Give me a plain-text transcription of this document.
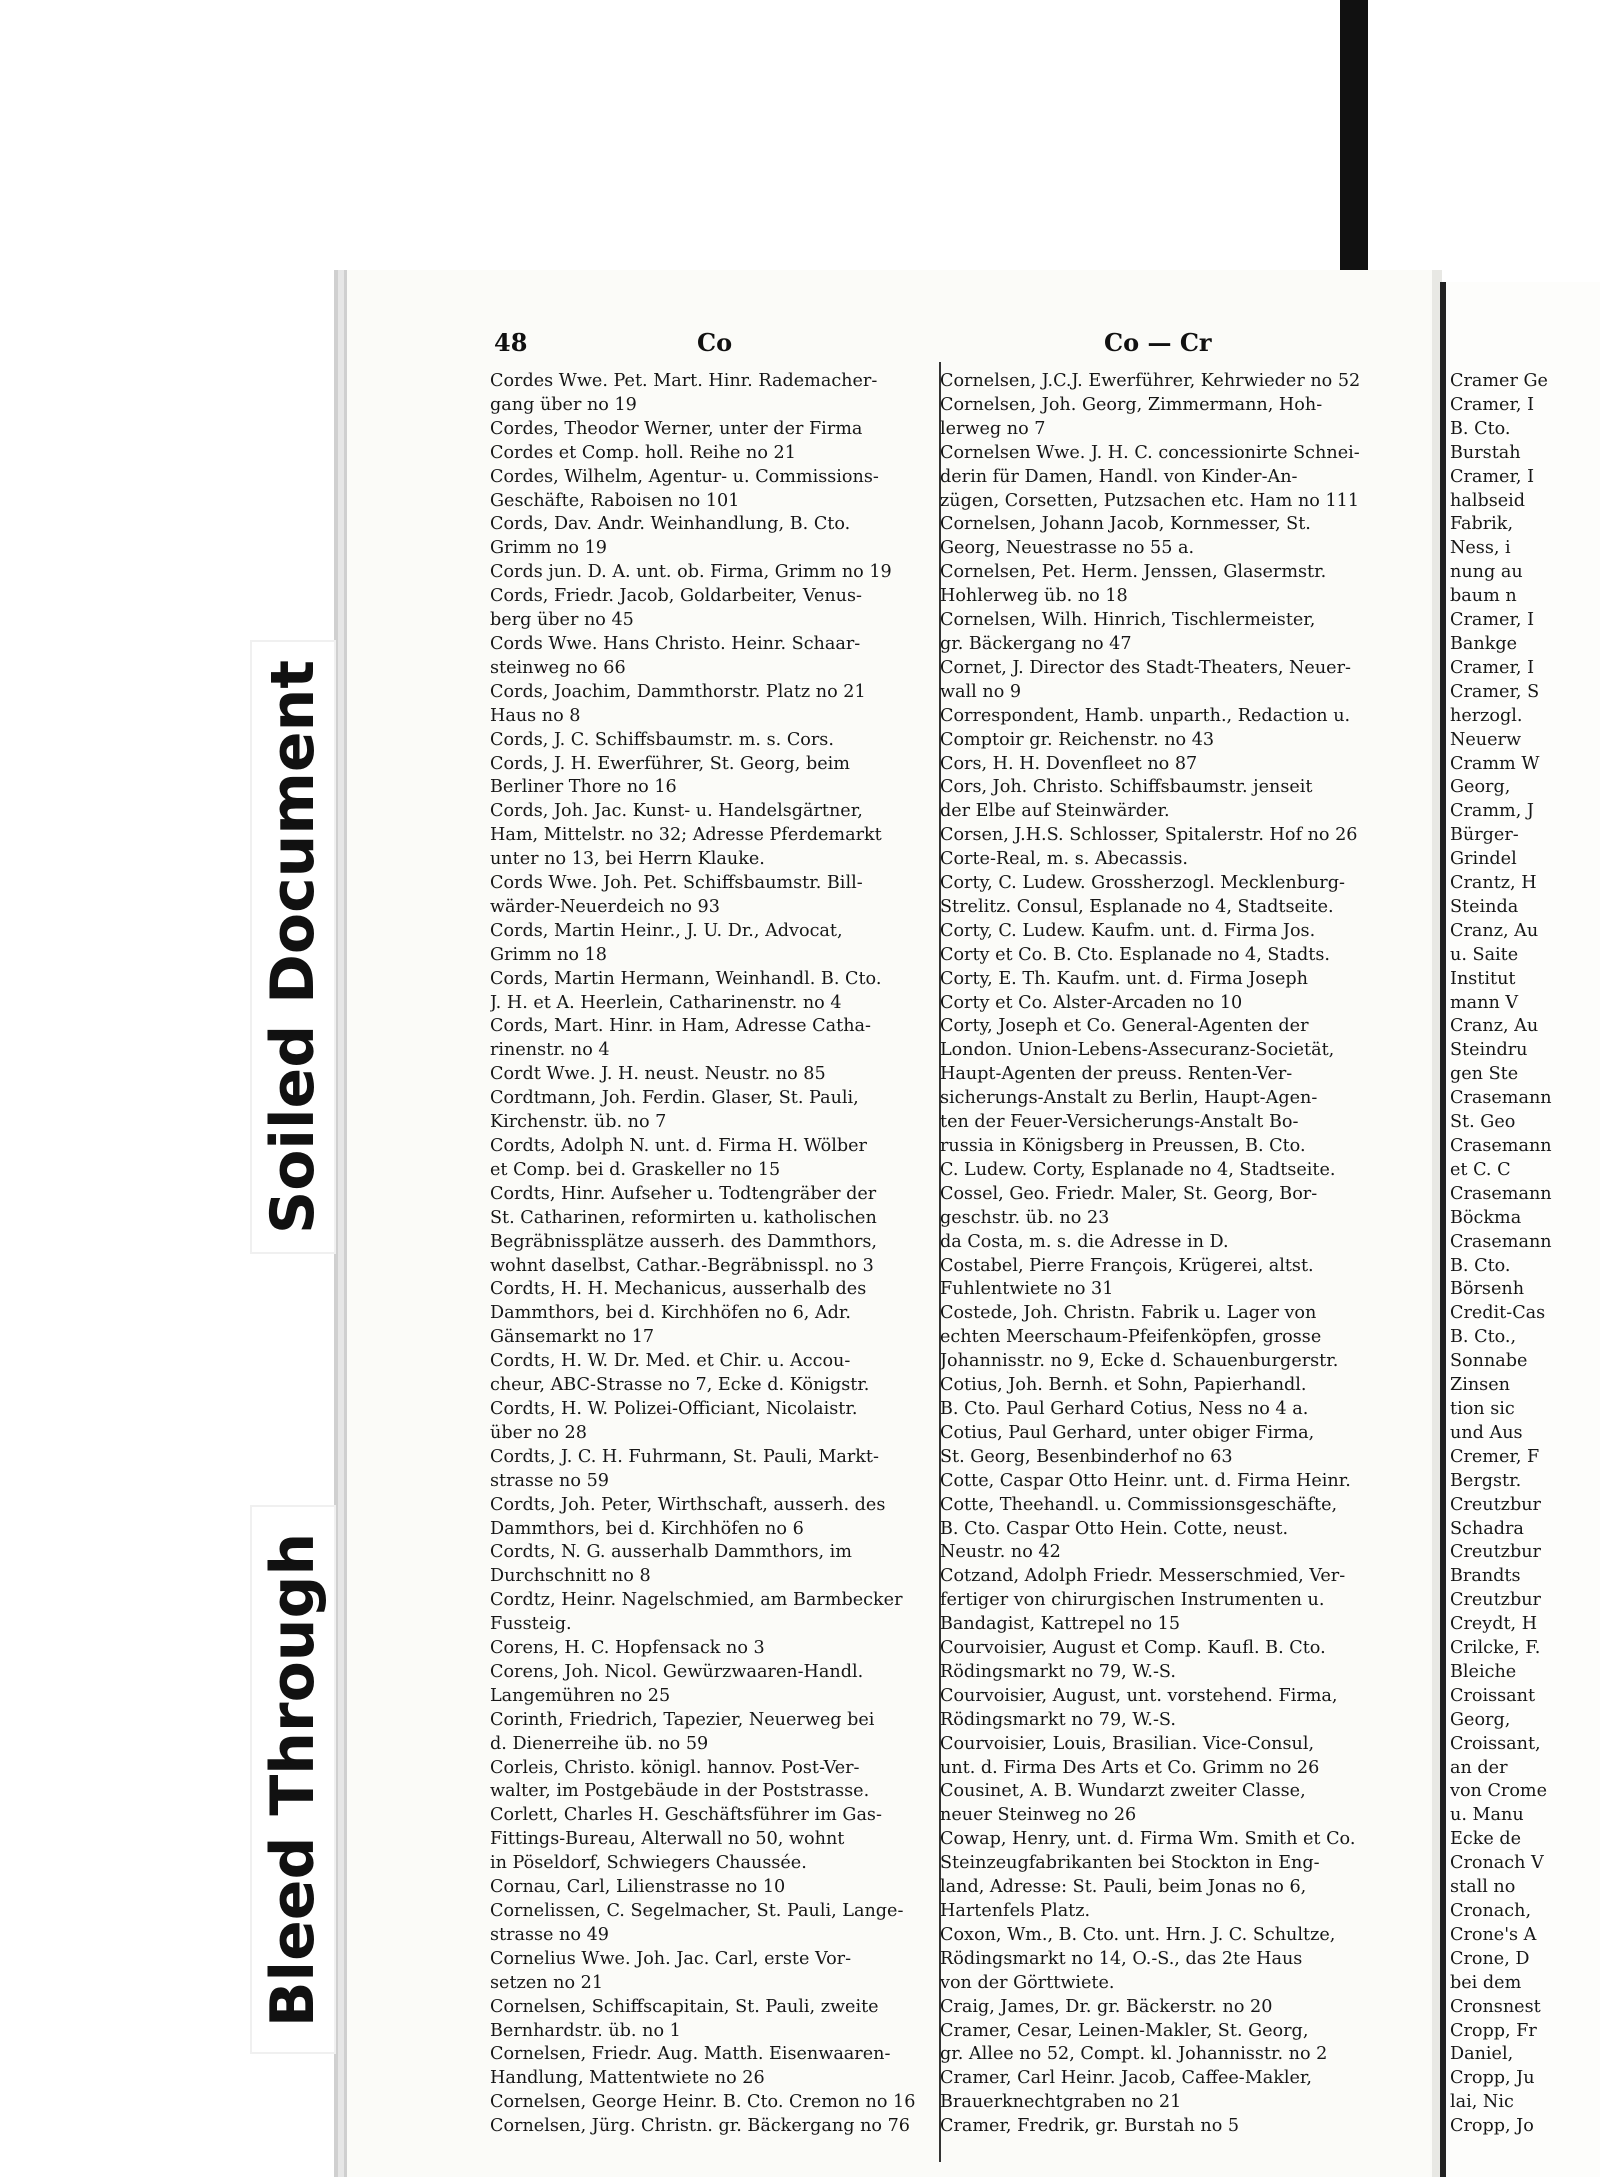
Cramer Ge
Cramer, I
B. Cto.
Burstah
Cramer, I
halbseid
Fabrik,
Ness, i
nung au
baum n
Cramer, I
Bankge
Cramer, I
Cramer, S
herzogl.
Neuerw
Cramm W
Georg,
Cramm, J
Bürger-
Grindel
Crantz, H
Steinda
Cranz, Au
u. Saite
Institut
mann V
Cranz, Au
Steindru
gen Ste
Crasemann
St. Geo
Crasemann
et C. C
Crasemann
Böckma
Crasemann
B. Cto.
Börsenh
Credit-Cas
B. Cto.,
Sonnabe
Zinsen
tion sic
und Aus
Cremer, F
Bergstr.
Creutzbur
Schadra
Creutzbur
Brandts
Creutzbur
Creydt, H
Crilcke, F.
Bleiche
Croissant
Georg,
Croissant,
an der
von Crome
u. Manu
Ecke de
Cronach V
stall no
Cronach,
Crone's A
Crone, D
bei dem
Cronsnest
Cropp, Fr
Daniel,
Cropp, Ju
lai, Nic
Cropp, Jo
48	Co	Co — Cr
Cordes Wwe. Pet. Mart. Hinr. Rademacher-
gang über no 19
Cordes, Theodor Werner, unter der Firma
Cordes et Comp. holl. Reihe no 21
Cordes, Wilhelm, Agentur- u. Commissions-
Geschäfte, Raboisen no 101
Cords, Dav. Andr. Weinhandlung, B. Cto.
Grimm no 19
Cords jun. D. A. unt. ob. Firma, Grimm no 19
Cords, Friedr. Jacob, Goldarbeiter, Venus-
berg über no 45
Cords Wwe. Hans Christo. Heinr. Schaar-
steinweg no 66
Cords, Joachim, Dammthorstr. Platz no 21
Haus no 8
Cords, J. C. Schiffsbaumstr. m. s. Cors.
Cords, J. H. Ewerführer, St. Georg, beim
Berliner Thore no 16
Cords, Joh. Jac. Kunst- u. Handelsgärtner,
Ham, Mittelstr. no 32; Adresse Pferdemarkt
unter no 13, bei Herrn Klauke.
Cords Wwe. Joh. Pet. Schiffsbaumstr. Bill-
wärder-Neuerdeich no 93
Cords, Martin Heinr., J. U. Dr., Advocat,
Grimm no 18
Cords, Martin Hermann, Weinhandl. B. Cto.
J. H. et A. Heerlein, Catharinenstr. no 4
Cords, Mart. Hinr. in Ham, Adresse Catha-
rinenstr. no 4
Cordt Wwe. J. H. neust. Neustr. no 85
Cordtmann, Joh. Ferdin. Glaser, St. Pauli,
Kirchenstr. üb. no 7
Cordts, Adolph N. unt. d. Firma H. Wölber
et Comp. bei d. Graskeller no 15
Cordts, Hinr. Aufseher u. Todtengräber der
St. Catharinen, reformirten u. katholischen
Begräbnissplätze ausserh. des Dammthors,
wohnt daselbst, Cathar.-Begräbnisspl. no 3
Cordts, H. H. Mechanicus, ausserhalb des
Dammthors, bei d. Kirchhöfen no 6, Adr.
Gänsemarkt no 17
Cordts, H. W. Dr. Med. et Chir. u. Accou-
cheur, ABC-Strasse no 7, Ecke d. Königstr.
Cordts, H. W. Polizei-Officiant, Nicolaistr.
über no 28
Cordts, J. C. H. Fuhrmann, St. Pauli, Markt-
strasse no 59
Cordts, Joh. Peter, Wirthschaft, ausserh. des
Dammthors, bei d. Kirchhöfen no 6
Cordts, N. G. ausserhalb Dammthors, im
Durchschnitt no 8
Cordtz, Heinr. Nagelschmied, am Barmbecker
Fussteig.
Corens, H. C. Hopfensack no 3
Corens, Joh. Nicol. Gewürzwaaren-Handl.
Langemühren no 25
Corinth, Friedrich, Tapezier, Neuerweg bei
d. Dienerreihe üb. no 59
Corleis, Christo. königl. hannov. Post-Ver-
walter, im Postgebäude in der Poststrasse.
Corlett, Charles H. Geschäftsführer im Gas-
Fittings-Bureau, Alterwall no 50, wohnt
in Pöseldorf, Schwiegers Chaussée.
Cornau, Carl, Lilienstrasse no 10
Cornelissen, C. Segelmacher, St. Pauli, Lange-
strasse no 49
Cornelius Wwe. Joh. Jac. Carl, erste Vor-
setzen no 21
Cornelsen, Schiffscapitain, St. Pauli, zweite
Bernhardstr. üb. no 1
Cornelsen, Friedr. Aug. Matth. Eisenwaaren-
Handlung, Mattentwiete no 26
Cornelsen, George Heinr. B. Cto. Cremon no 16
Cornelsen, Jürg. Christn. gr. Bäckergang no 76
Cornelsen, J.C.J. Ewerführer, Kehrwieder no 52
Cornelsen, Joh. Georg, Zimmermann, Hoh-
lerweg no 7
Cornelsen Wwe. J. H. C. concessionirte Schnei-
derin für Damen, Handl. von Kinder-An-
zügen, Corsetten, Putzsachen etc. Ham no 111
Cornelsen, Johann Jacob, Kornmesser, St.
Georg, Neuestrasse no 55 a.
Cornelsen, Pet. Herm. Jenssen, Glasermstr.
Hohlerweg üb. no 18
Cornelsen, Wilh. Hinrich, Tischlermeister,
gr. Bäckergang no 47
Cornet, J. Director des Stadt-Theaters, Neuer-
wall no 9
Correspondent, Hamb. unparth., Redaction u.
Comptoir gr. Reichenstr. no 43
Cors, H. H. Dovenfleet no 87
Cors, Joh. Christo. Schiffsbaumstr. jenseit
der Elbe auf Steinwärder.
Corsen, J.H.S. Schlosser, Spitalerstr. Hof no 26
Corte-Real, m. s. Abecassis.
Corty, C. Ludew. Grossherzogl. Mecklenburg-
Strelitz. Consul, Esplanade no 4, Stadtseite.
Corty, C. Ludew. Kaufm. unt. d. Firma Jos.
Corty et Co. B. Cto. Esplanade no 4, Stadts.
Corty, E. Th. Kaufm. unt. d. Firma Joseph
Corty et Co. Alster-Arcaden no 10
Corty, Joseph et Co. General-Agenten der
London. Union-Lebens-Assecuranz-Societät,
Haupt-Agenten der preuss. Renten-Ver-
sicherungs-Anstalt zu Berlin, Haupt-Agen-
ten der Feuer-Versicherungs-Anstalt Bo-
russia in Königsberg in Preussen, B. Cto.
C. Ludew. Corty, Esplanade no 4, Stadtseite.
Cossel, Geo. Friedr. Maler, St. Georg, Bor-
geschstr. üb. no 23
da Costa, m. s. die Adresse in D.
Costabel, Pierre François, Krügerei, altst.
Fuhlentwiete no 31
Costede, Joh. Christn. Fabrik u. Lager von
echten Meerschaum-Pfeifenköpfen, grosse
Johannisstr. no 9, Ecke d. Schauenburgerstr.
Cotius, Joh. Bernh. et Sohn, Papierhandl.
B. Cto. Paul Gerhard Cotius, Ness no 4 a.
Cotius, Paul Gerhard, unter obiger Firma,
St. Georg, Besenbinderhof no 63
Cotte, Caspar Otto Heinr. unt. d. Firma Heinr.
Cotte, Theehandl. u. Commissionsgeschäfte,
B. Cto. Caspar Otto Hein. Cotte, neust.
Neustr. no 42
Cotzand, Adolph Friedr. Messerschmied, Ver-
fertiger von chirurgischen Instrumenten u.
Bandagist, Kattrepel no 15
Courvoisier, August et Comp. Kaufl. B. Cto.
Rödingsmarkt no 79, W.-S.
Courvoisier, August, unt. vorstehend. Firma,
Rödingsmarkt no 79, W.-S.
Courvoisier, Louis, Brasilian. Vice-Consul,
unt. d. Firma Des Arts et Co. Grimm no 26
Cousinet, A. B. Wundarzt zweiter Classe,
neuer Steinweg no 26
Cowap, Henry, unt. d. Firma Wm. Smith et Co.
Steinzeugfabrikanten bei Stockton in Eng-
land, Adresse: St. Pauli, beim Jonas no 6,
Hartenfels Platz.
Coxon, Wm., B. Cto. unt. Hrn. J. C. Schultze,
Rödingsmarkt no 14, O.-S., das 2te Haus
von der Görttwiete.
Craig, James, Dr. gr. Bäckerstr. no 20
Cramer, Cesar, Leinen-Makler, St. Georg,
gr. Allee no 52, Compt. kl. Johannisstr. no 2
Cramer, Carl Heinr. Jacob, Caffee-Makler,
Brauerknechtgraben no 21
Cramer, Fredrik, gr. Burstah no 5
Soiled Document
Bleed Through
